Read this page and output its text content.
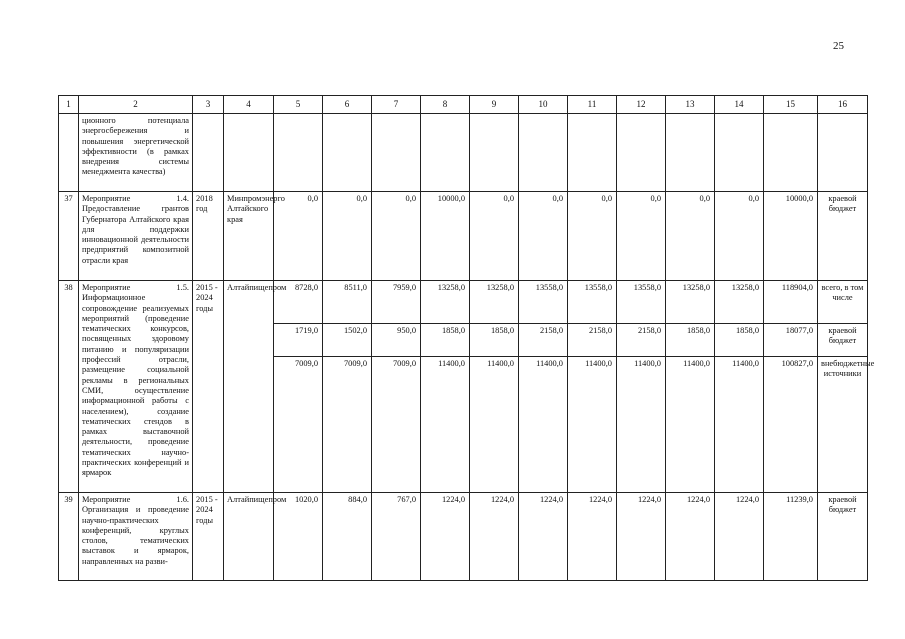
25
1	2	3	4	5	6	7	8	9	10	11	12	13	14	15	16
	ционного потенциала энергосбережения и повышения энергетической эффективности (в рамках внедрения системы менеджмента качества)														
37	Мероприятие 1.4. Предоставление грантов Губернатора Алтайского края для поддержки инновационной деятельности предприятий композитной отрасли края	2018 год	Минпромэнерго Алтайского края	0,0	0,0	0,0	10000,0	0,0	0,0	0,0	0,0	0,0	0,0	10000,0	краевой бюджет
38	Мероприятие 1.5. Информационное сопровождение реализуемых мероприятий (проведение тематических конкурсов, посвященных здоровому питанию и популяризации профессий отрасли, размещение социальной рекламы в региональных СМИ, осуществление информационной работы с населением), создание тематических стендов в рамках выставочной деятельности, проведение тематических научно-практических конференций и ярмарок	2015 - 2024 годы	Алтайпищепром	8728,0	8511,0	7959,0	13258,0	13258,0	13558,0	13558,0	13558,0	13258,0	13258,0	118904,0	всего, в том числе
				1719,0	1502,0	950,0	1858,0	1858,0	2158,0	2158,0	2158,0	1858,0	1858,0	18077,0	краевой бюджет
				7009,0	7009,0	7009,0	11400,0	11400,0	11400,0	11400,0	11400,0	11400,0	11400,0	100827,0	внебюджетные источники
39	Мероприятие 1.6. Организация и проведение научно-практических конференций, круглых столов, тематических выставок и ярмарок, направленных на разви-	2015 - 2024 годы	Алтайпищепром	1020,0	884,0	767,0	1224,0	1224,0	1224,0	1224,0	1224,0	1224,0	1224,0	11239,0	краевой бюджет
